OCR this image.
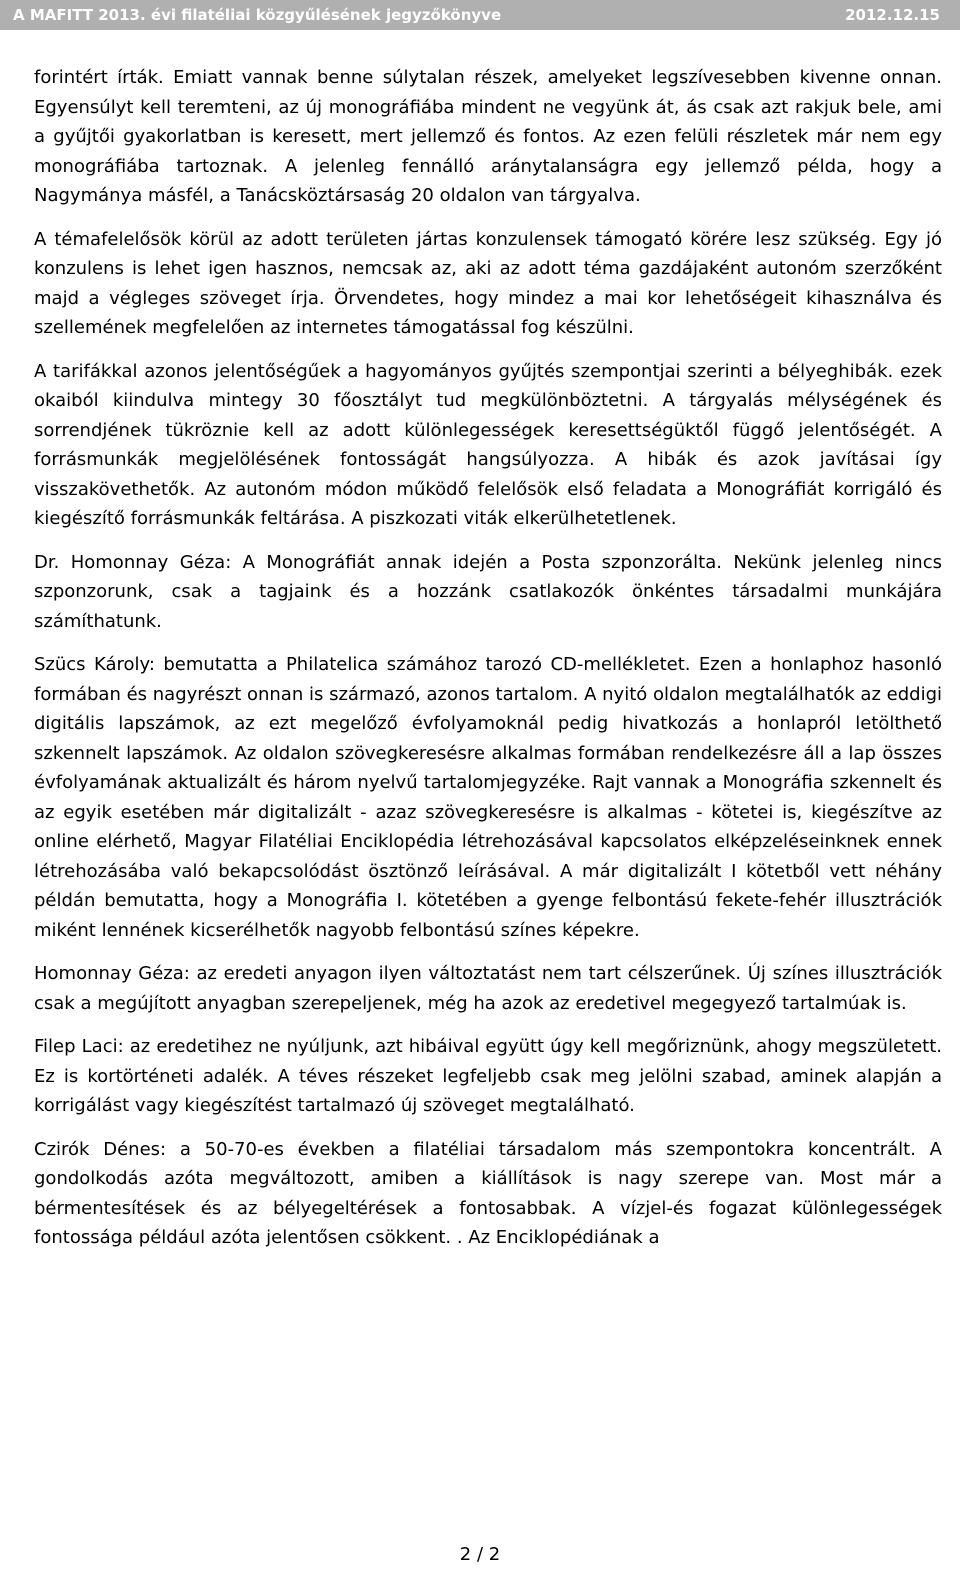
A MAFITT 2013. évi filatéliai közgyűlésének jegyzőkönyve	2012.12.15

forintért írták. Emiatt vannak benne súlytalan részek, amelyeket legszívesebben kivenne onnan. Egyensúlyt kell teremteni, az új monográfiába mindent ne vegyünk át, ás csak azt rakjuk bele, ami a gyűjtői gyakorlatban is keresett, mert jellemző és fontos. Az ezen felüli részletek már nem egy monográfiába tartoznak. A jelenleg fennálló aránytalanságra egy jellemző példa, hogy a Nagymánya másfél, a Tanácsköztársaság 20 oldalon van tárgyalva.

A témafelelősök körül az adott területen jártas konzulensek támogató körére lesz szükség. Egy jó konzulens is lehet igen hasznos, nemcsak az, aki az adott téma gazdájaként autonóm szerzőként majd a végleges szöveget írja. Örvendetes, hogy mindez a mai kor lehetőségeit kihasználva és szellemének megfelelően az internetes támogatással fog készülni.

A tarifákkal azonos jelentőségűek a hagyományos gyűjtés szempontjai szerinti a bélyeghibák. ezek okaiból kiindulva mintegy 30 főosztályt tud megkülönböztetni. A tárgyalás mélységének és sorrendjének tükröznie kell az adott különlegességek keresettségüktől függő jelentőségét. A forrásmunkák megjelölésének fontosságát hangsúlyozza. A hibák és azok javításai így visszakövethetők. Az autonóm módon működő felelősök első feladata a Monográfiát korrigáló és kiegészítő forrásmunkák feltárása. A piszkozati viták elkerülhetetlenek.

Dr. Homonnay Géza: A Monográfiát annak idején a Posta szponzorálta. Nekünk jelenleg nincs szponzorunk, csak a tagjaink és a hozzánk csatlakozók önkéntes társadalmi munkájára számíthatunk.

Szücs Károly: bemutatta a Philatelica számához tarozó CD-mellékletet. Ezen a honlaphoz hasonló formában és nagyrészt onnan is származó, azonos tartalom. A nyitó oldalon megtalálhatók az eddigi digitális lapszámok, az ezt megelőző évfolyamoknál pedig hivatkozás a honlapról letölthető szkennelt lapszámok. Az oldalon szövegkeresésre alkalmas formában rendelkezésre áll a lap összes évfolyamának aktualizált és három nyelvű tartalomjegyzéke. Rajt vannak a Monográfia szkennelt és az egyik esetében már digitalizált - azaz szövegkeresésre is alkalmas - kötetei is, kiegészítve az online elérhető, Magyar Filatéliai Enciklopédia létrehozásával kapcsolatos elképzeléseinknek ennek létrehozásába való bekapcsolódást ösztönző leírásával. A már digitalizált I kötetből vett néhány példán bemutatta, hogy a Monográfia I. kötetében a gyenge felbontású fekete-fehér illusztrációk miként lennének kicserélhetők nagyobb felbontású színes képekre.

Homonnay Géza: az eredeti anyagon ilyen változtatást nem tart célszerűnek. Új színes illusztrációk csak a megújított anyagban szerepeljenek, még ha azok az eredetivel megegyező tartalmúak is.

Filep Laci: az eredetihez ne nyúljunk, azt hibáival együtt úgy kell megőriznünk, ahogy megszületett. Ez is kortörténeti adalék. A téves részeket legfeljebb csak meg jelölni szabad, aminek alapján a korrigálást vagy kiegészítést tartalmazó új szöveget megtalálható.

Czirók Dénes: a 50-70-es években a filatéliai társadalom más szempontokra koncentrált. A gondolkodás azóta megváltozott, amiben a kiállítások is nagy szerepe van. Most már a bérmentesítések és az bélyegeltérések a fontosabbak. A vízjel-és fogazat különlegességek fontossága például azóta jelentősen csökkent. . Az Enciklopédiának a

2 / 2
